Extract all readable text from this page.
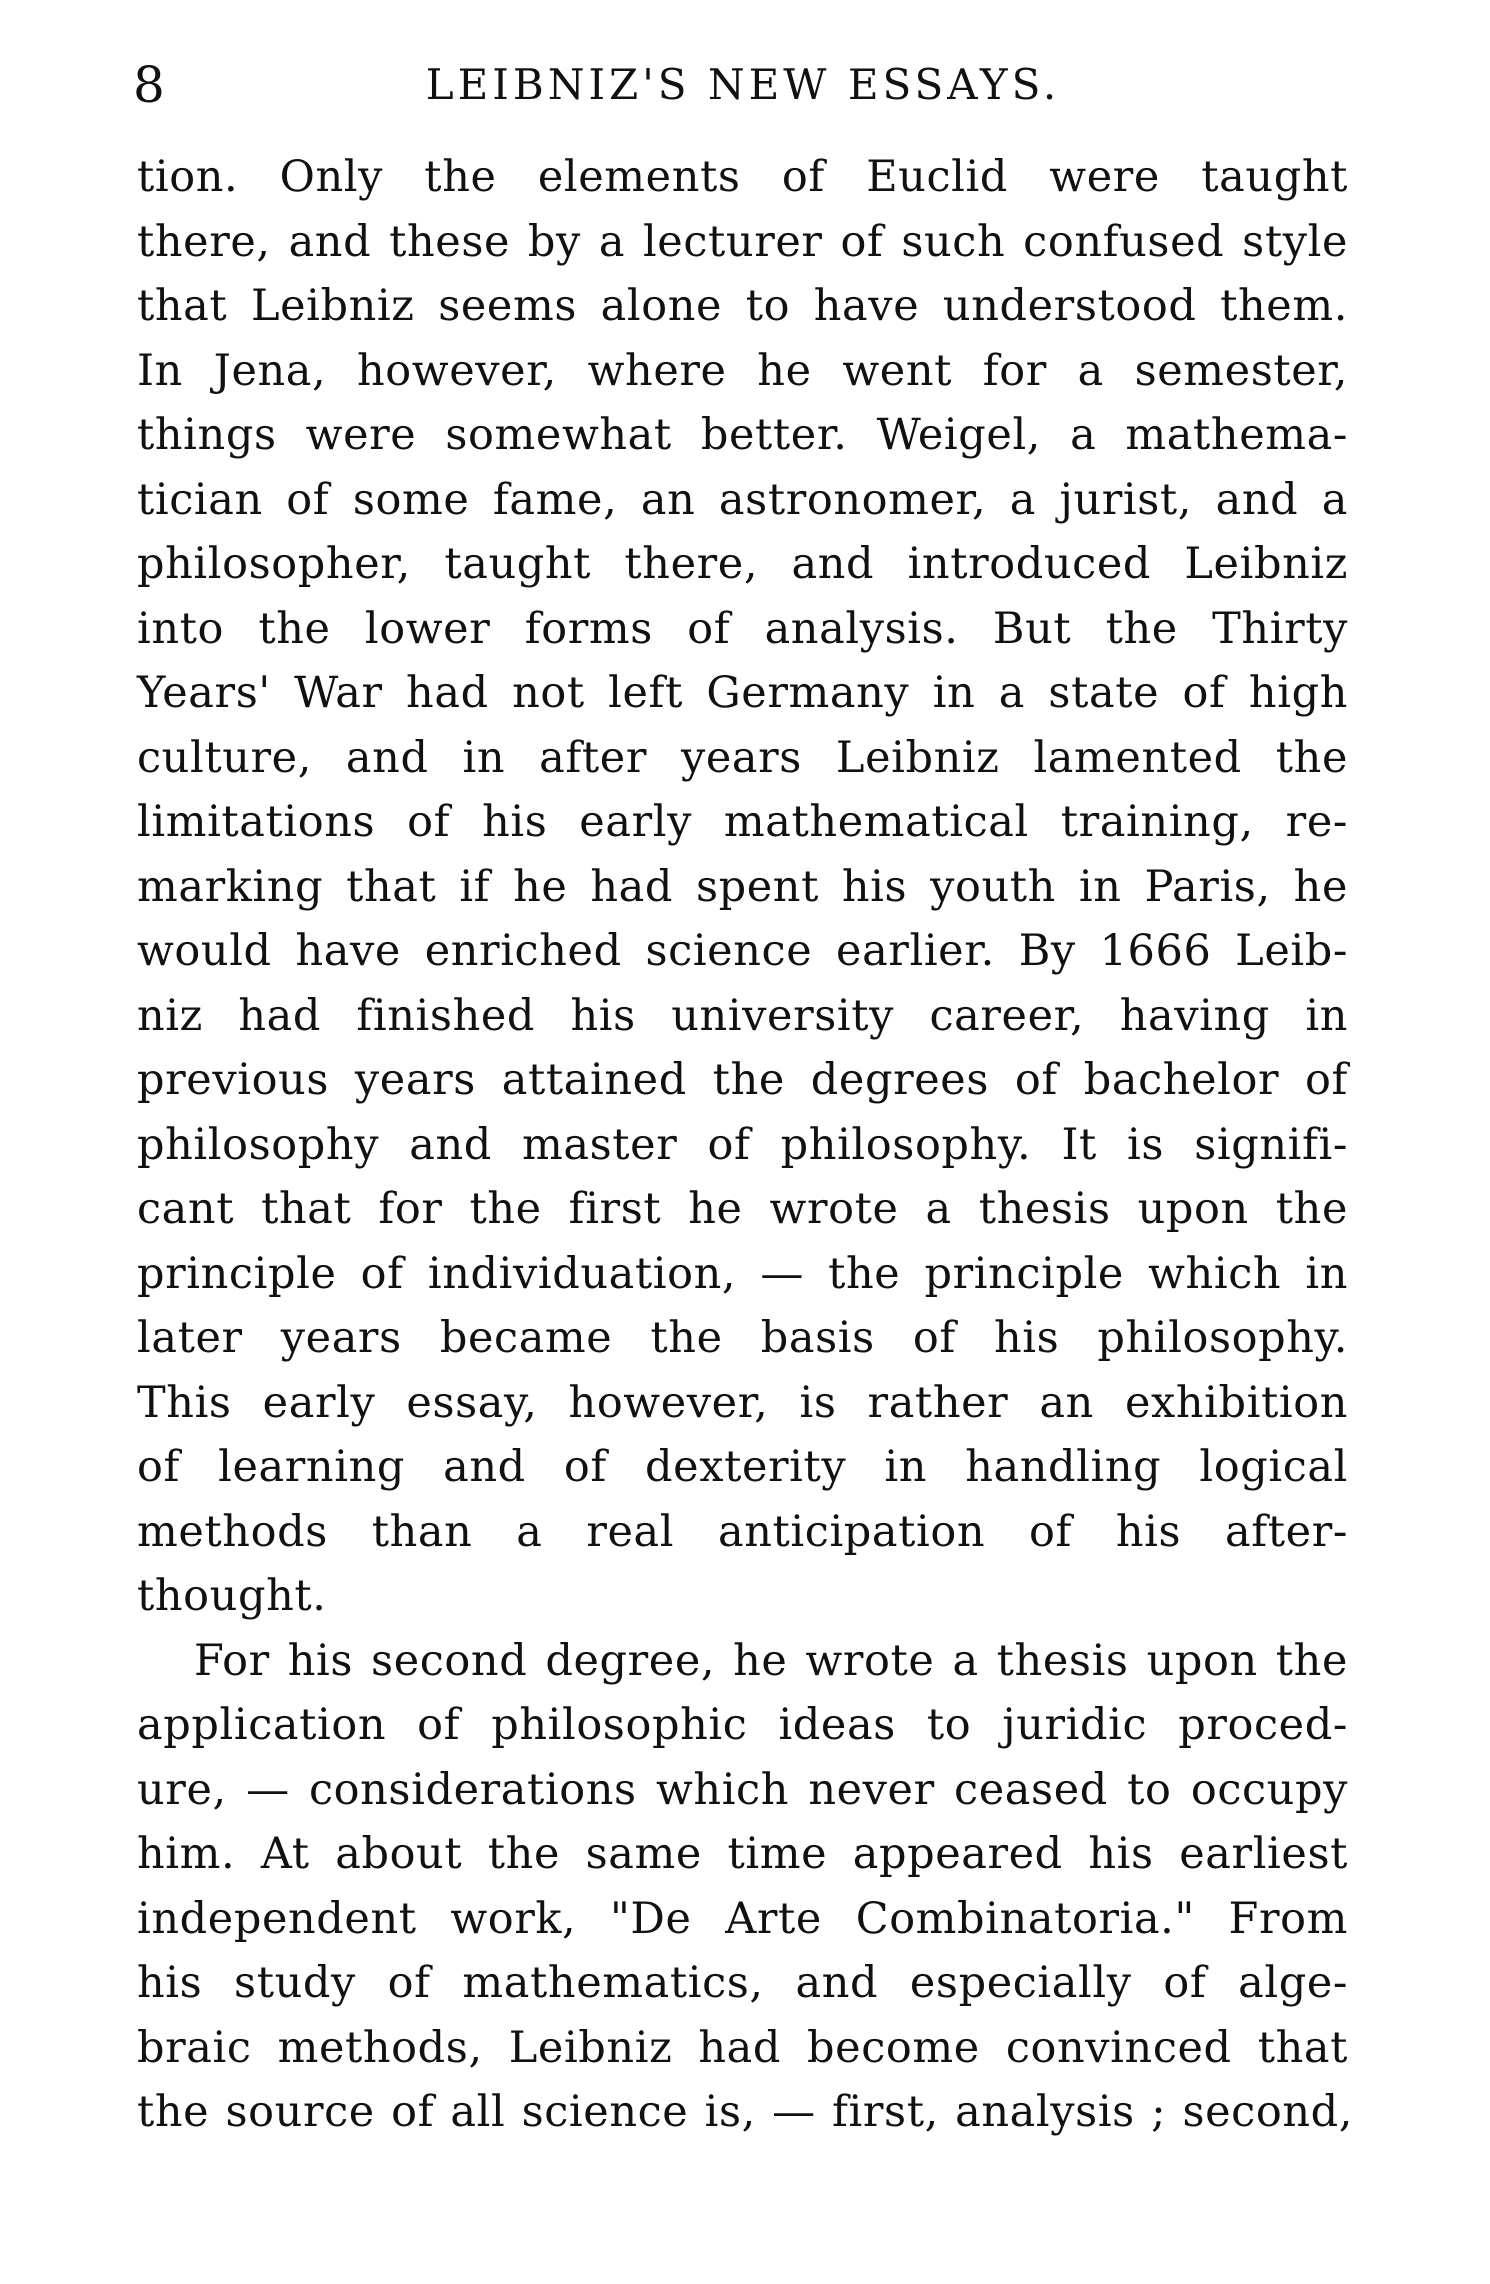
8	LEIBNIZ'S NEW ESSAYS.
tion. Only the elements of Euclid were taught
there, and these by a lecturer of such confused style
that Leibniz seems alone to have understood them.
In Jena, however, where he went for a semester,
things were somewhat better. Weigel, a mathema-
tician of some fame, an astronomer, a jurist, and a
philosopher, taught there, and introduced Leibniz
into the lower forms of analysis. But the Thirty
Years' War had not left Germany in a state of high
culture, and in after years Leibniz lamented the
limitations of his early mathematical training, re-
marking that if he had spent his youth in Paris, he
would have enriched science earlier. By 1666 Leib-
niz had finished his university career, having in
previous years attained the degrees of bachelor of
philosophy and master of philosophy. It is signifi-
cant that for the first he wrote a thesis upon the
principle of individuation, — the principle which in
later years became the basis of his philosophy.
This early essay, however, is rather an exhibition
of learning and of dexterity in handling logical
methods than a real anticipation of his after-
thought.
For his second degree, he wrote a thesis upon the
application of philosophic ideas to juridic proced-
ure, — considerations which never ceased to occupy
him. At about the same time appeared his earliest
independent work, "De Arte Combinatoria." From
his study of mathematics, and especially of alge-
braic methods, Leibniz had become convinced that
the source of all science is, — first, analysis ; second,
